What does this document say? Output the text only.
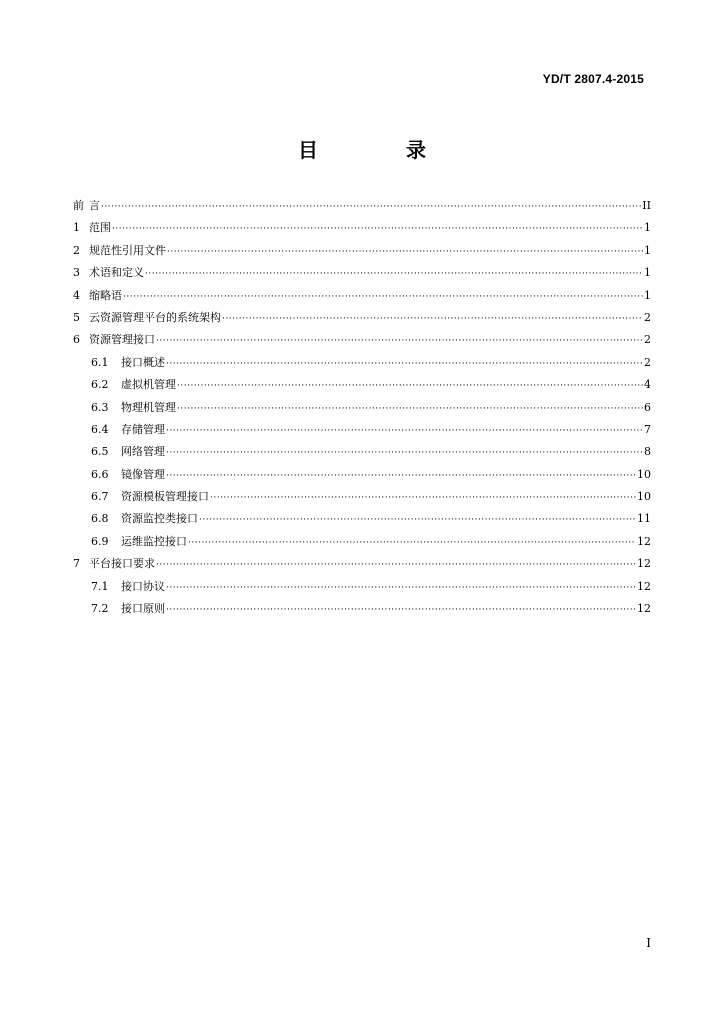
YD/T 2807.4-2015
目　录
前 言 ·····	II
1 范围 ·····	1
2 规范性引用文件 ·····	1
3 术语和定义 ·····	1
4 缩略语 ·····	1
5 云资源管理平台的系统架构 ·····	2
6 资源管理接口 ·····	2
6.1	接口概述 ·····	2
6.2	虚拟机管理 ·····	4
6.3	物理机管理 ·····	6
6.4	存储管理 ·····	7
6.5	网络管理 ·····	8
6.6	镜像管理 ·····	10
6.7	资源模板管理接口 ·····	10
6.8	资源监控类接口 ·····	11
6.9	运维监控接口 ·····	12
7 平台接口要求 ·····	12
7.1	接口协议 ·····	12
7.2	接口原则 ·····	12
I
